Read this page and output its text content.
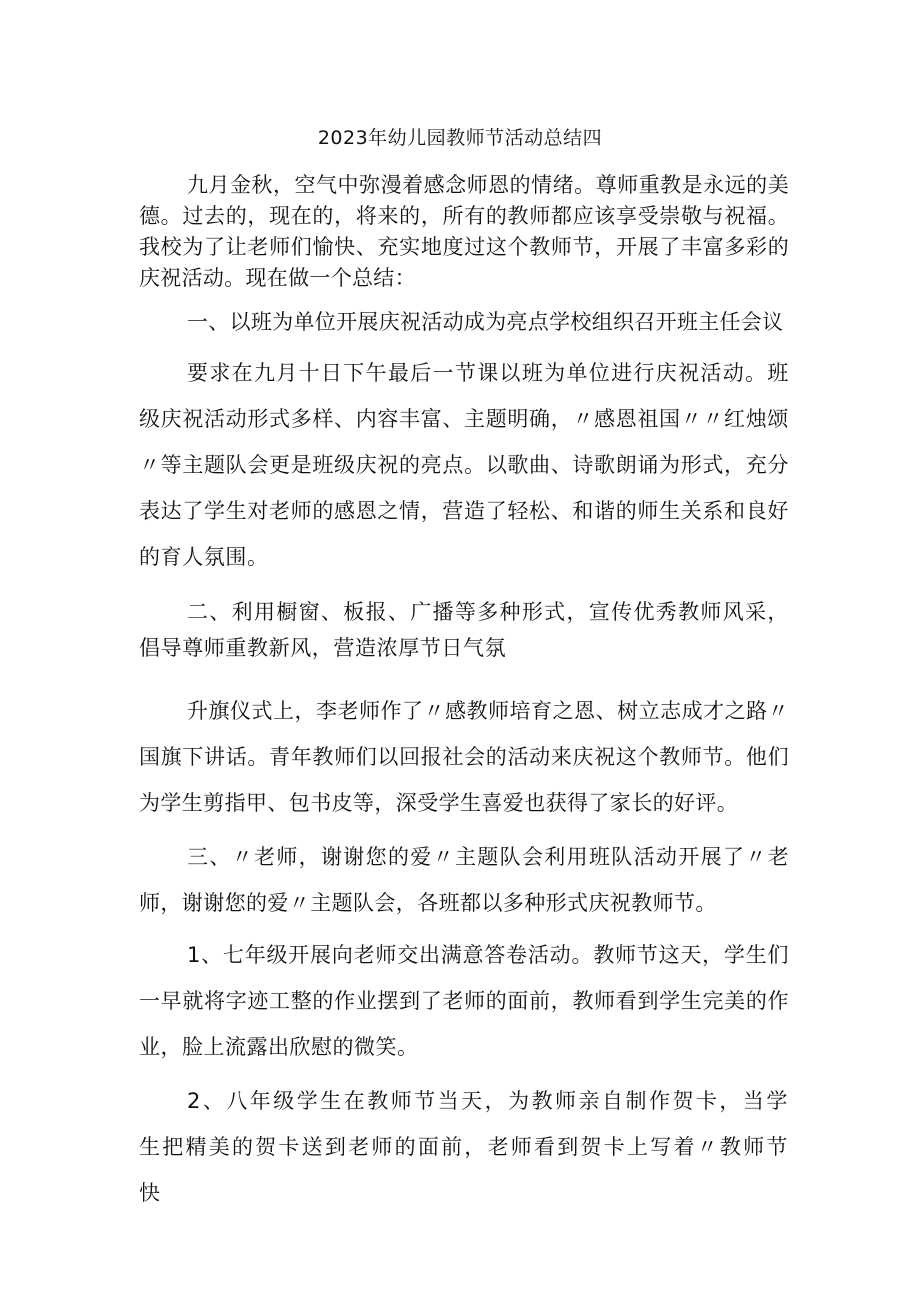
2023年幼儿园教师节活动总结四

九月金秋，空气中弥漫着感念师恩的情绪。尊师重教是永远的美德。过去的，现在的，将来的，所有的教师都应该享受崇敬与祝福。我校为了让老师们愉快、充实地度过这个教师节，开展了丰富多彩的庆祝活动。现在做一个总结：

一、以班为单位开展庆祝活动成为亮点学校组织召开班主任会议

要求在九月十日下午最后一节课以班为单位进行庆祝活动。班级庆祝活动形式多样、内容丰富、主题明确，〃感恩祖国〃〃红烛颂〃等主题队会更是班级庆祝的亮点。以歌曲、诗歌朗诵为形式，充分表达了学生对老师的感恩之情，营造了轻松、和谐的师生关系和良好的育人氛围。

二、利用橱窗、板报、广播等多种形式，宣传优秀教师风采，倡导尊师重教新风，营造浓厚节日气氛

升旗仪式上，李老师作了〃感教师培育之恩、树立志成才之路〃国旗下讲话。青年教师们以回报社会的活动来庆祝这个教师节。他们为学生剪指甲、包书皮等，深受学生喜爱也获得了家长的好评。

三、〃老师，谢谢您的爱〃主题队会利用班队活动开展了〃老师，谢谢您的爱〃主题队会，各班都以多种形式庆祝教师节。

1、七年级开展向老师交出满意答卷活动。教师节这天，学生们一早就将字迹工整的作业摆到了老师的面前，教师看到学生完美的作业，脸上流露出欣慰的微笑。

2、八年级学生在教师节当天，为教师亲自制作贺卡，当学生把精美的贺卡送到老师的面前，老师看到贺卡上写着〃教师节快
